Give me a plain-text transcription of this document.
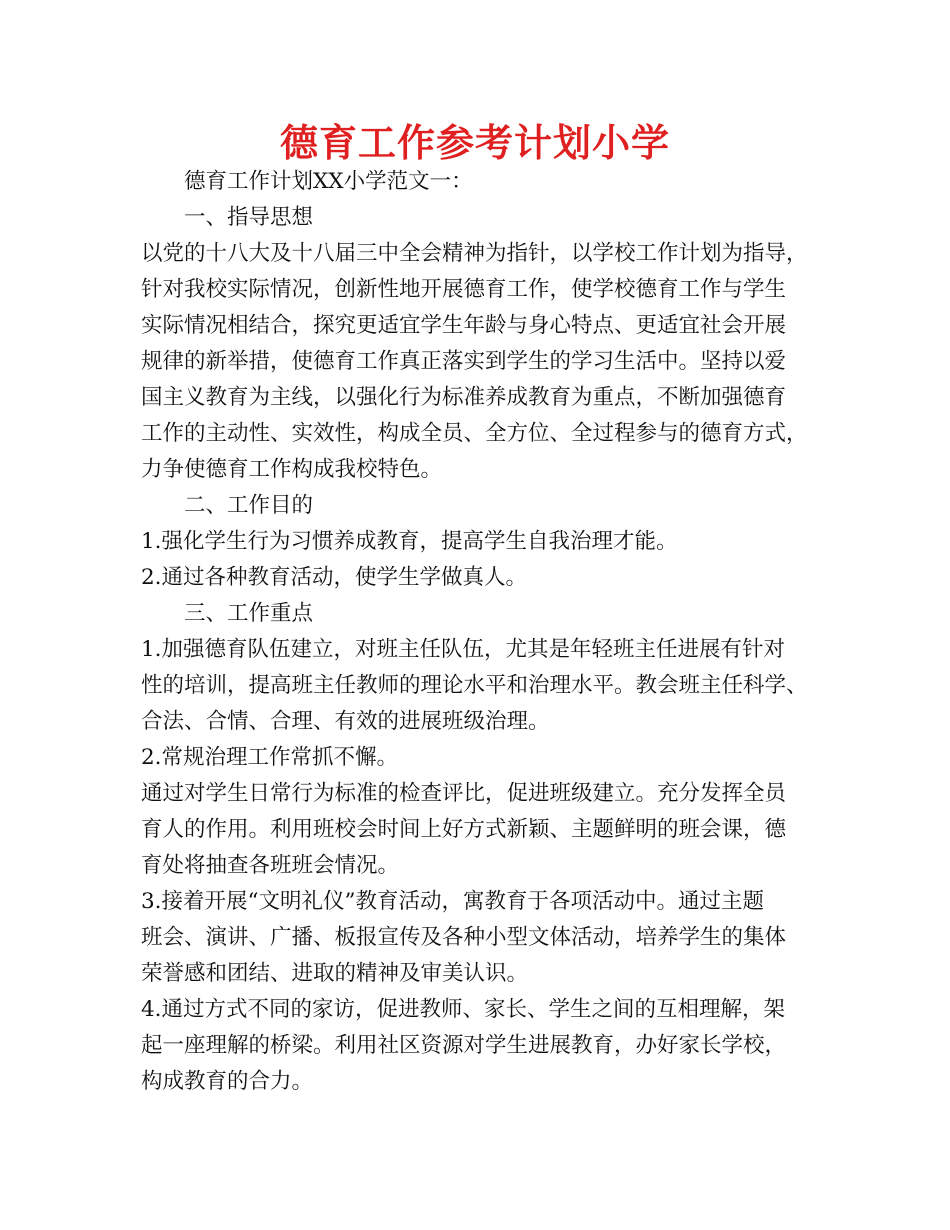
德育工作参考计划小学
德育工作计划XX小学范文一：
一、指导思想
以党的十八大及十八届三中全会精神为指针，以学校工作计划为指导，
针对我校实际情况，创新性地开展德育工作，使学校德育工作与学生
实际情况相结合，探究更适宜学生年龄与身心特点、更适宜社会开展
规律的新举措，使德育工作真正落实到学生的学习生活中。坚持以爱
国主义教育为主线，以强化行为标准养成教育为重点，不断加强德育
工作的主动性、实效性，构成全员、全方位、全过程参与的德育方式，
力争使德育工作构成我校特色。
二、工作目的
1.强化学生行为习惯养成教育，提高学生自我治理才能。
2.通过各种教育活动，使学生学做真人。
三、工作重点
1.加强德育队伍建立，对班主任队伍，尤其是年轻班主任进展有针对
性的培训，提高班主任教师的理论水平和治理水平。教会班主任科学、
合法、合情、合理、有效的进展班级治理。
2.常规治理工作常抓不懈。
通过对学生日常行为标准的检查评比，促进班级建立。充分发挥全员
育人的作用。利用班校会时间上好方式新颖、主题鲜明的班会课，德
育处将抽查各班班会情况。
3.接着开展“文明礼仪”教育活动，寓教育于各项活动中。通过主题
班会、演讲、广播、板报宣传及各种小型文体活动，培养学生的集体
荣誉感和团结、进取的精神及审美认识。
4.通过方式不同的家访，促进教师、家长、学生之间的互相理解，架
起一座理解的桥梁。利用社区资源对学生进展教育，办好家长学校，
构成教育的合力。
